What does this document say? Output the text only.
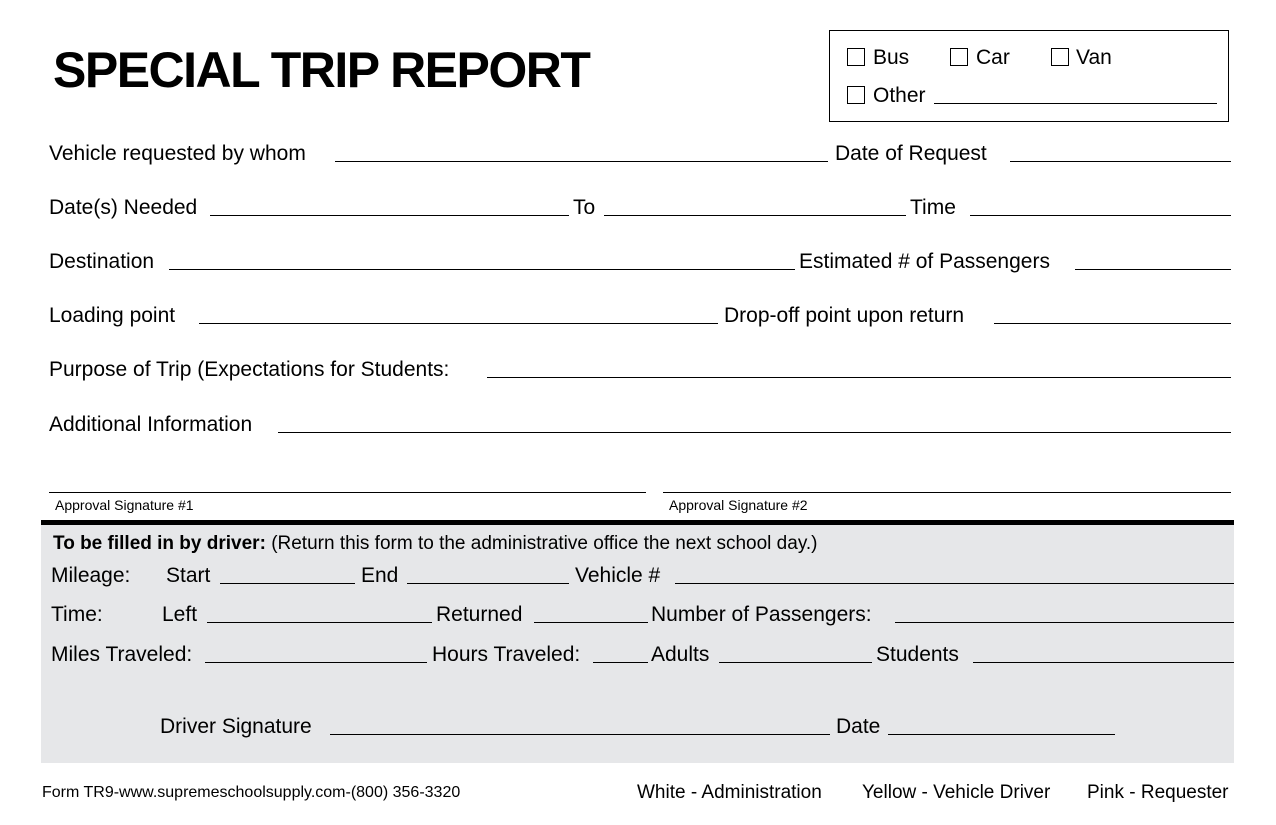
SPECIAL TRIP REPORT	Bus	Car	Van
Other
Vehicle requested by whom	Date of Request
Date(s) Needed	To	Time
Destination	Estimated # of Passengers
Loading point	Drop-off point upon return
Purpose of Trip (Expectations for Students:
Additional Information
Approval Signature #1	Approval Signature #2
To be filled in by driver: (Return this form to the administrative office the next school day.)
Mileage: Start	End	Vehicle #
Time:	Left	Returned	Number of Passengers:
Miles Traveled:	Hours Traveled:	Adults	Students
Driver Signature	Date
Form TR9-www.supremeschoolsupply.com-(800) 356-3320	White - Administration Yellow - Vehicle Driver Pink - Requester
